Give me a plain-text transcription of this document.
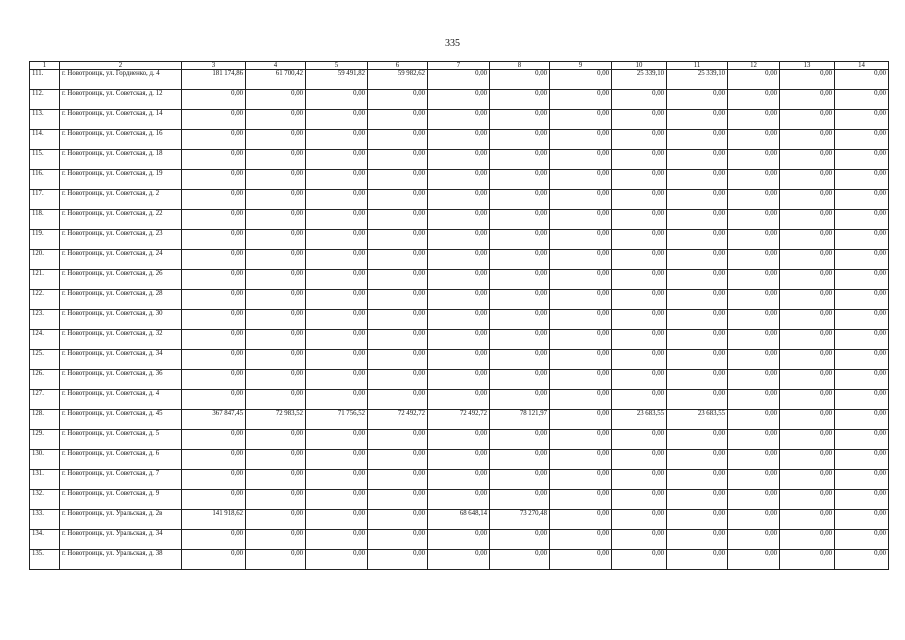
335
1	2	3	4	5	6	7	8	9	10	11	12	13	14
111.	г. Новотроицк, ул. Гордиенко, д. 4	181 174,86	61 700,42	59 491,82	59 982,62	0,00	0,00	0,00	25 339,10	25 339,10	0,00	0,00	0,00
112.	г. Новотроицк, ул. Советская, д. 12	0,00	0,00	0,00	0,00	0,00	0,00	0,00	0,00	0,00	0,00	0,00	0,00
113.	г. Новотроицк, ул. Советская, д. 14	0,00	0,00	0,00	0,00	0,00	0,00	0,00	0,00	0,00	0,00	0,00	0,00
114.	г. Новотроицк, ул. Советская, д. 16	0,00	0,00	0,00	0,00	0,00	0,00	0,00	0,00	0,00	0,00	0,00	0,00
115.	г. Новотроицк, ул. Советская, д. 18	0,00	0,00	0,00	0,00	0,00	0,00	0,00	0,00	0,00	0,00	0,00	0,00
116.	г. Новотроицк, ул. Советская, д. 19	0,00	0,00	0,00	0,00	0,00	0,00	0,00	0,00	0,00	0,00	0,00	0,00
117.	г. Новотроицк, ул. Советская, д. 2	0,00	0,00	0,00	0,00	0,00	0,00	0,00	0,00	0,00	0,00	0,00	0,00
118.	г. Новотроицк, ул. Советская, д. 22	0,00	0,00	0,00	0,00	0,00	0,00	0,00	0,00	0,00	0,00	0,00	0,00
119.	г. Новотроицк, ул. Советская, д. 23	0,00	0,00	0,00	0,00	0,00	0,00	0,00	0,00	0,00	0,00	0,00	0,00
120.	г. Новотроицк, ул. Советская, д. 24	0,00	0,00	0,00	0,00	0,00	0,00	0,00	0,00	0,00	0,00	0,00	0,00
121.	г. Новотроицк, ул. Советская, д. 26	0,00	0,00	0,00	0,00	0,00	0,00	0,00	0,00	0,00	0,00	0,00	0,00
122.	г. Новотроицк, ул. Советская, д. 28	0,00	0,00	0,00	0,00	0,00	0,00	0,00	0,00	0,00	0,00	0,00	0,00
123.	г. Новотроицк, ул. Советская, д. 30	0,00	0,00	0,00	0,00	0,00	0,00	0,00	0,00	0,00	0,00	0,00	0,00
124.	г. Новотроицк, ул. Советская, д. 32	0,00	0,00	0,00	0,00	0,00	0,00	0,00	0,00	0,00	0,00	0,00	0,00
125.	г. Новотроицк, ул. Советская, д. 34	0,00	0,00	0,00	0,00	0,00	0,00	0,00	0,00	0,00	0,00	0,00	0,00
126.	г. Новотроицк, ул. Советская, д. 36	0,00	0,00	0,00	0,00	0,00	0,00	0,00	0,00	0,00	0,00	0,00	0,00
127.	г. Новотроицк, ул. Советская, д. 4	0,00	0,00	0,00	0,00	0,00	0,00	0,00	0,00	0,00	0,00	0,00	0,00
128.	г. Новотроицк, ул. Советская, д. 45	367 847,45	72 983,52	71 756,52	72 492,72	72 492,72	78 121,97	0,00	23 683,55	23 683,55	0,00	0,00	0,00
129.	г. Новотроицк, ул. Советская, д. 5	0,00	0,00	0,00	0,00	0,00	0,00	0,00	0,00	0,00	0,00	0,00	0,00
130.	г. Новотроицк, ул. Советская, д. 6	0,00	0,00	0,00	0,00	0,00	0,00	0,00	0,00	0,00	0,00	0,00	0,00
131.	г. Новотроицк, ул. Советская, д. 7	0,00	0,00	0,00	0,00	0,00	0,00	0,00	0,00	0,00	0,00	0,00	0,00
132.	г. Новотроицк, ул. Советская, д. 9	0,00	0,00	0,00	0,00	0,00	0,00	0,00	0,00	0,00	0,00	0,00	0,00
133.	г. Новотроицк, ул. Уральская, д. 2в	141 918,62	0,00	0,00	0,00	68 648,14	73 270,48	0,00	0,00	0,00	0,00	0,00	0,00
134.	г. Новотроицк, ул. Уральская, д. 34	0,00	0,00	0,00	0,00	0,00	0,00	0,00	0,00	0,00	0,00	0,00	0,00
135.	г. Новотроицк, ул. Уральская, д. 38	0,00	0,00	0,00	0,00	0,00	0,00	0,00	0,00	0,00	0,00	0,00	0,00
